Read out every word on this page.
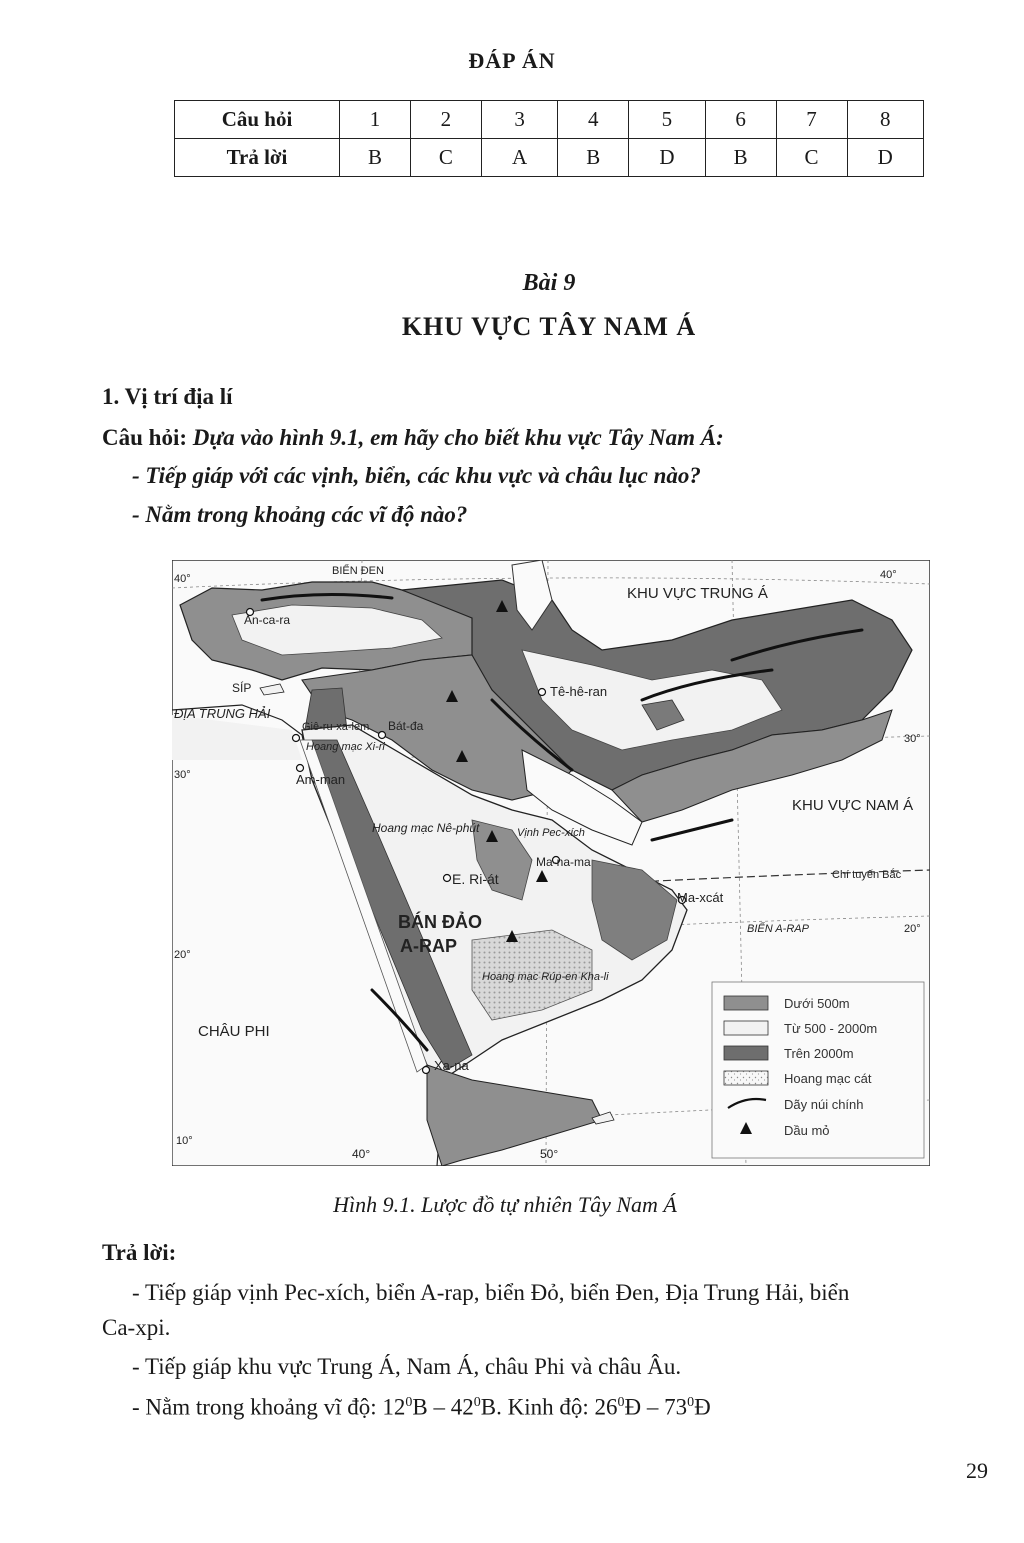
ĐÁP ÁN
Câu hỏi	1	2	3	4	5	6	7	8
Trả lời	B	C	A	B	D	B	C	D
Bài 9
KHU VỰC TÂY NAM Á
1. Vị trí địa lí
Câu hỏi: Dựa vào hình 9.1, em hãy cho biết khu vực Tây Nam Á:
- Tiếp giáp với các vịnh, biển, các khu vực và châu lục nào?
- Nằm trong khoảng các vĩ độ nào?
BIỂN ĐEN
KHU VỰC TRUNG Á
An-ca-ra
Tê-hê-ran
SÍP
ĐỊA TRUNG HẢI
Giê-ru-xa-lem Bát-đa
Hoang mạc Xi-ri
Am-man
Hoang mạc Nê-phút
KHU VỰC NAM Á
Vịnh Pec-xích
Ma-na-ma
E. Ri-át	Chí tuyến Bắc
Ma-xcát
BÁN ĐẢO
A-RAP
BIỂN A-RAP
Hoang mạc Rúp-en Kha-li
CHÂU PHI
Xa-na
40°
30°
20°
10°
40°	50°
40°
30°
20°
Dưới 500m
Từ 500 - 2000m
Trên 2000m
Hoang mạc cát
Dãy núi chính
Dầu mỏ
Hình 9.1. Lược đồ tự nhiên Tây Nam Á
Trả lời:
- Tiếp giáp vịnh Pec-xích, biển A-rap, biển Đỏ, biển Đen, Địa Trung Hải, biển
Ca-xpi.
- Tiếp giáp khu vực Trung Á, Nam Á, châu Phi và châu Âu.
- Nằm trong khoảng vĩ độ: $12^0B - 42^0B$. Kinh độ: $26^0Đ$ – $73^0Đ$
29
